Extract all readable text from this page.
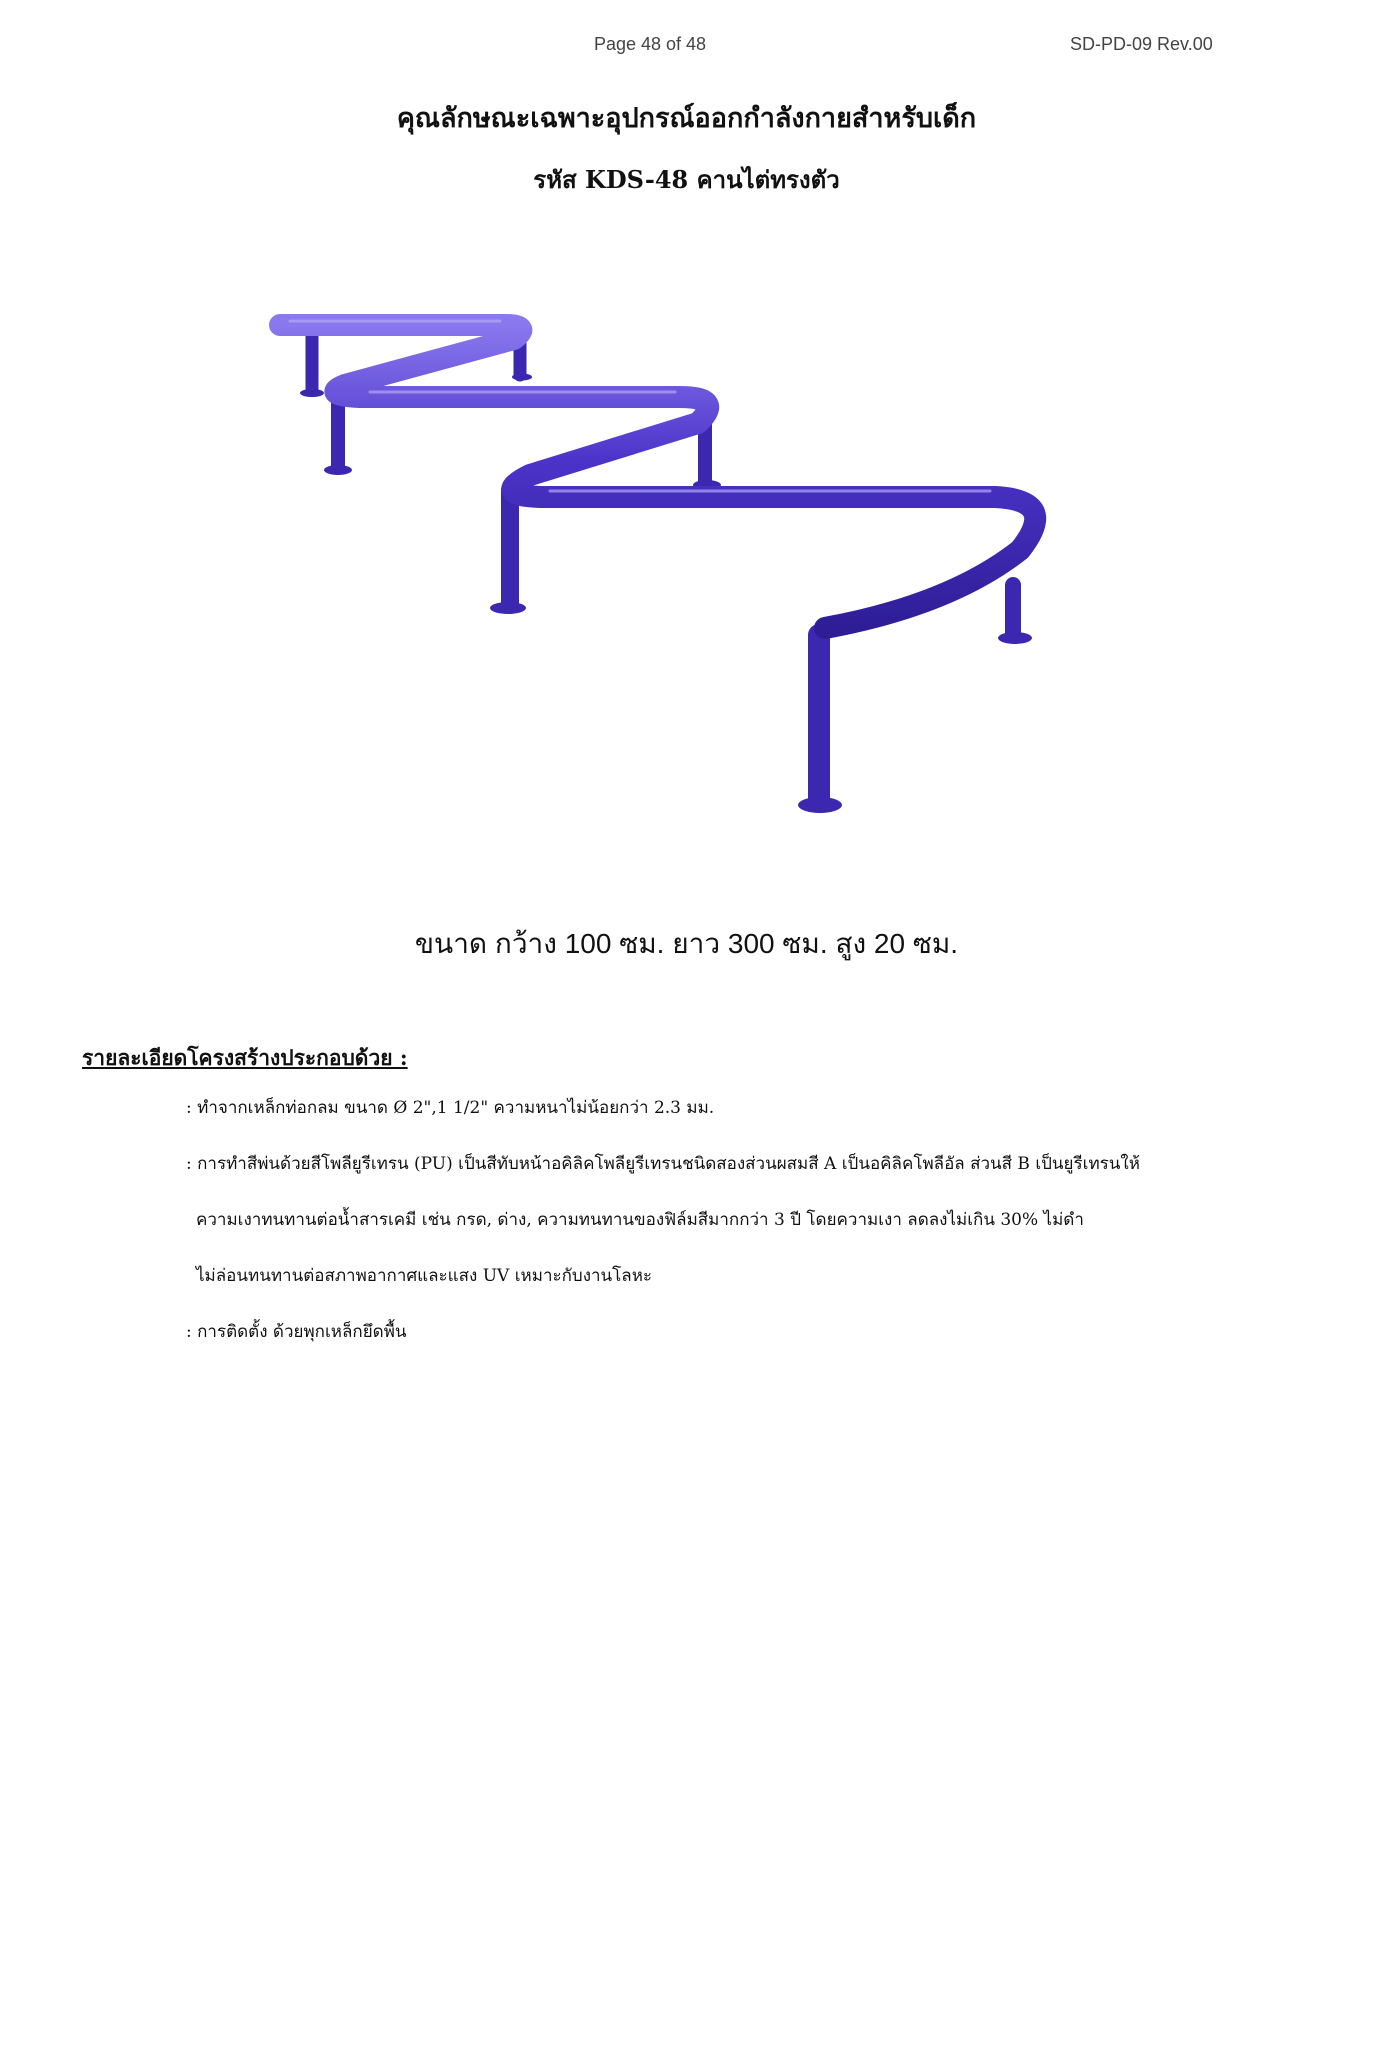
Page 48 of 48	SD-PD-09 Rev.00
คุณลักษณะเฉพาะอุปกรณ์ออกกำลังกายสำหรับเด็ก
รหัส KDS-48 คานไต่ทรงตัว
ขนาด กว้าง 100 ซม. ยาว 300 ซม. สูง 20 ซม.
รายละเอียดโครงสร้างประกอบด้วย :
: ทำจากเหล็กท่อกลม ขนาด Ø 2",1 1/2" ความหนาไม่น้อยกว่า 2.3 มม.
: การทำสีพ่นด้วยสีโพลียูรีเทรน (PU) เป็นสีทับหน้าอคิลิคโพลียูรีเทรนชนิดสองส่วนผสมสี A เป็นอคิลิคโพลีอัล ส่วนสี B เป็นยูรีเทรนให้
ความเงาทนทานต่อน้ำสารเคมี เช่น กรด, ด่าง, ความทนทานของฟิล์มสีมากกว่า 3 ปี โดยความเงา ลดลงไม่เกิน 30% ไม่ดำ
ไม่ล่อนทนทานต่อสภาพอากาศและแสง UV เหมาะกับงานโลหะ
: การติดตั้ง ด้วยพุกเหล็กยึดพื้น
